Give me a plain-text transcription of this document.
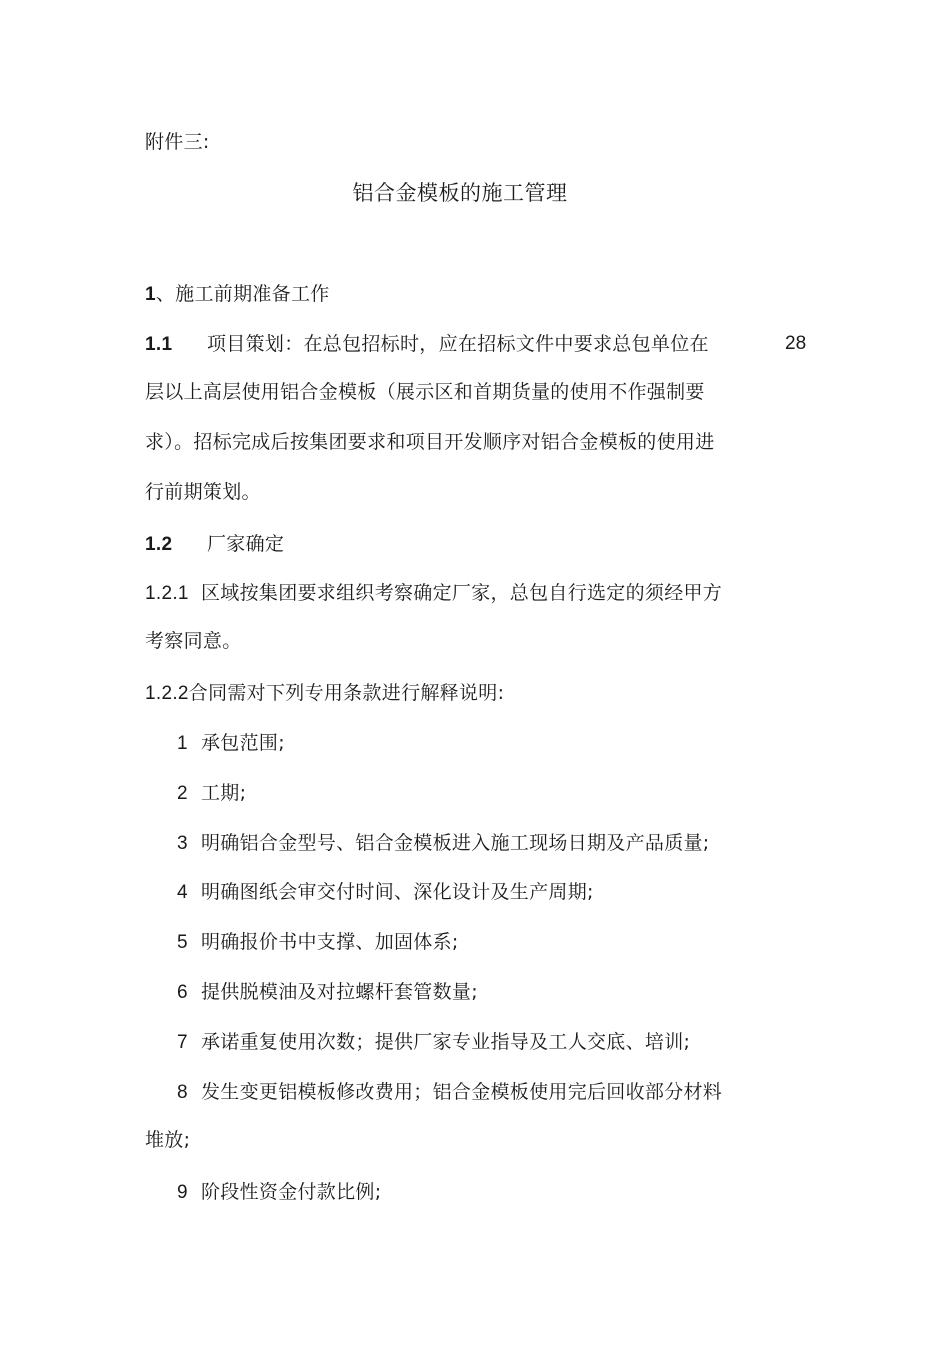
附件三:
铝合金模板的施工管理
1、施工前期准备工作
1.1 项目策划：在总包招标时，应在招标文件中要求总包单位在	28
层以上高层使用铝合金模板（展示区和首期货量的使用不作强制要
求）。招标完成后按集团要求和项目开发顺序对铝合金模板的使用进
行前期策划。
1.2 厂家确定
1.2.1 区域按集团要求组织考察确定厂家，总包自行选定的须经甲方
考察同意。
1.2.2合同需对下列专用条款进行解释说明:
1 承包范围;
2 工期;
3 明确铝合金型号、铝合金模板进入施工现场日期及产品质量;
4 明确图纸会审交付时间、深化设计及生产周期;
5 明确报价书中支撑、加固体系;
6 提供脱模油及对拉螺杆套管数量;
7 承诺重复使用次数；提供厂家专业指导及工人交底、培训;
8 发生变更铝模板修改费用；铝合金模板使用完后回收部分材料
堆放;
9 阶段性资金付款比例;
